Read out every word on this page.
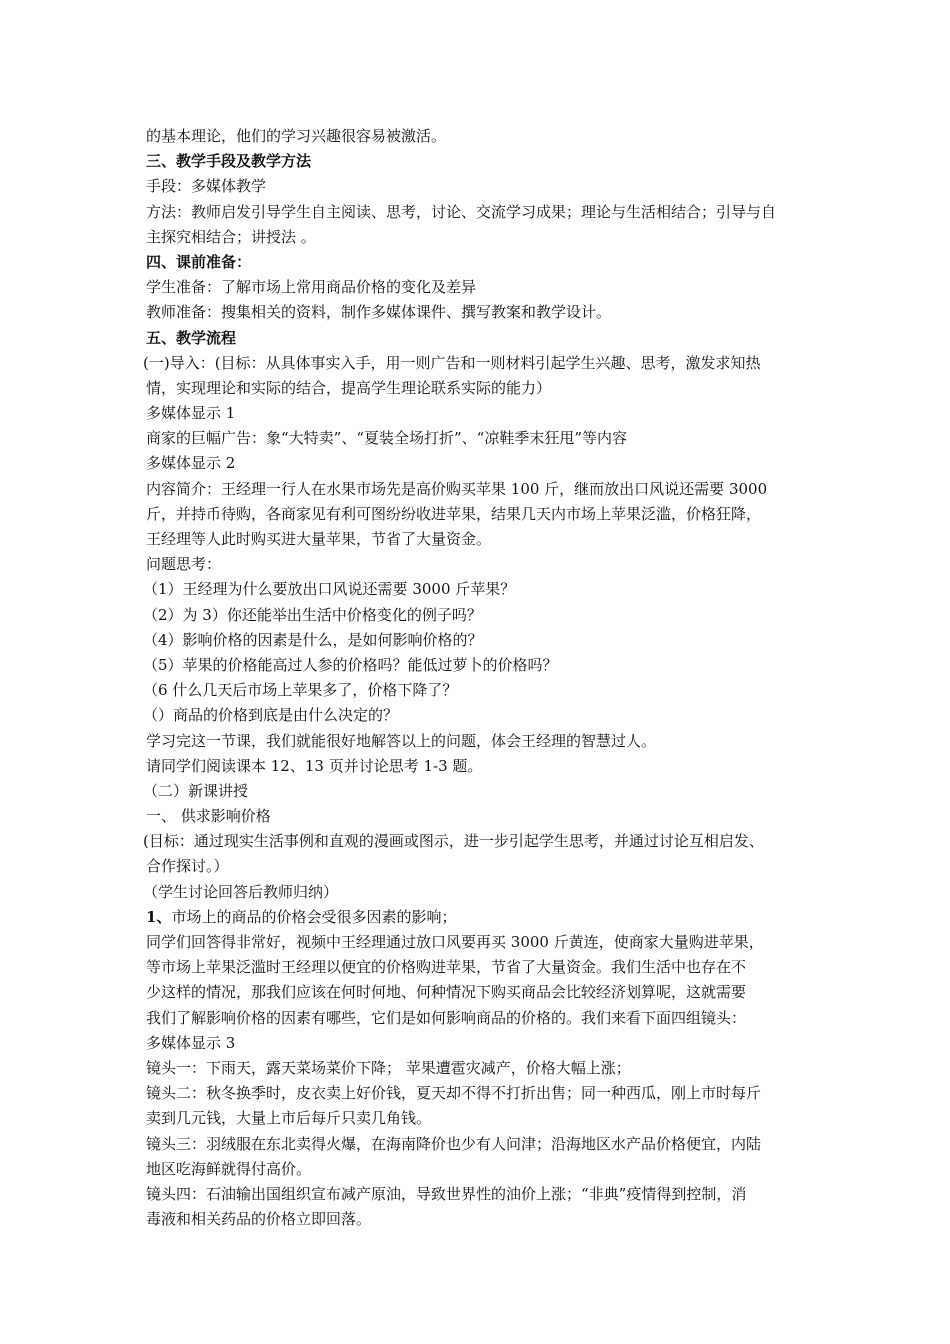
的基本理论，他们的学习兴趣很容易被激活。
三、教学手段及教学方法
手段：多媒体教学
方法：教师启发引导学生自主阅读、思考，讨论、交流学习成果；理论与生活相结合；引导与自
主探究相结合；讲授法 。
四、课前准备：
学生准备：了解市场上常用商品价格的变化及差异
教师准备：搜集相关的资料，制作多媒体课件、撰写教案和教学设计。
五、教学流程
(一)导入：(目标：从具体事实入手，用一则广告和一则材料引起学生兴趣、思考，激发求知热
情，实现理论和实际的结合，提高学生理论联系实际的能力）
多媒体显示 1
商家的巨幅广告：象“大特卖”、“夏装全场打折”、“凉鞋季末狂甩”等内容
多媒体显示 2
内容简介：王经理一行人在水果市场先是高价购买苹果 100 斤，继而放出口风说还需要 3000
斤，并持币待购，各商家见有利可图纷纷收进苹果，结果几天内市场上苹果泛滥，价格狂降，
王经理等人此时购买进大量苹果，节省了大量资金。
问题思考：
（1）王经理为什么要放出口风说还需要 3000 斤苹果？
（2）为 3）你还能举出生活中价格变化的例子吗？
（4）影响价格的因素是什么，是如何影响价格的？
（5）苹果的价格能高过人参的价格吗？能低过萝卜的价格吗？
（6 什么几天后市场上苹果多了，价格下降了？
（）商品的价格到底是由什么决定的？
学习完这一节课，我们就能很好地解答以上的问题，体会王经理的智慧过人。
请同学们阅读课本 12、13 页并讨论思考 1-3 题。
（二）新课讲授
一、 供求影响价格
(目标：通过现实生活事例和直观的漫画或图示，进一步引起学生思考，并通过讨论互相启发、
合作探讨。）
（学生讨论回答后教师归纳）
1、市场上的商品的价格会受很多因素的影响；
同学们回答得非常好，视频中王经理通过放口风要再买 3000 斤黄连，使商家大量购进苹果，
等市场上苹果泛滥时王经理以便宜的价格购进苹果，节省了大量资金。我们生活中也存在不
少这样的情况，那我们应该在何时何地、何种情况下购买商品会比较经济划算呢，这就需要
我们了解影响价格的因素有哪些，它们是如何影响商品的价格的。我们来看下面四组镜头：
多媒体显示 3
镜头一：下雨天，露天菜场菜价下降； 苹果遭雹灾减产，价格大幅上涨；
镜头二：秋冬换季时，皮衣卖上好价钱，夏天却不得不打折出售；同一种西瓜，刚上市时每斤
卖到几元钱，大量上市后每斤只卖几角钱。
镜头三：羽绒服在东北卖得火爆，在海南降价也少有人问津；沿海地区水产品价格便宜，内陆
地区吃海鲜就得付高价。
镜头四：石油输出国组织宣布减产原油，导致世界性的油价上涨；“非典”疫情得到控制，消
毒液和相关药品的价格立即回落。
